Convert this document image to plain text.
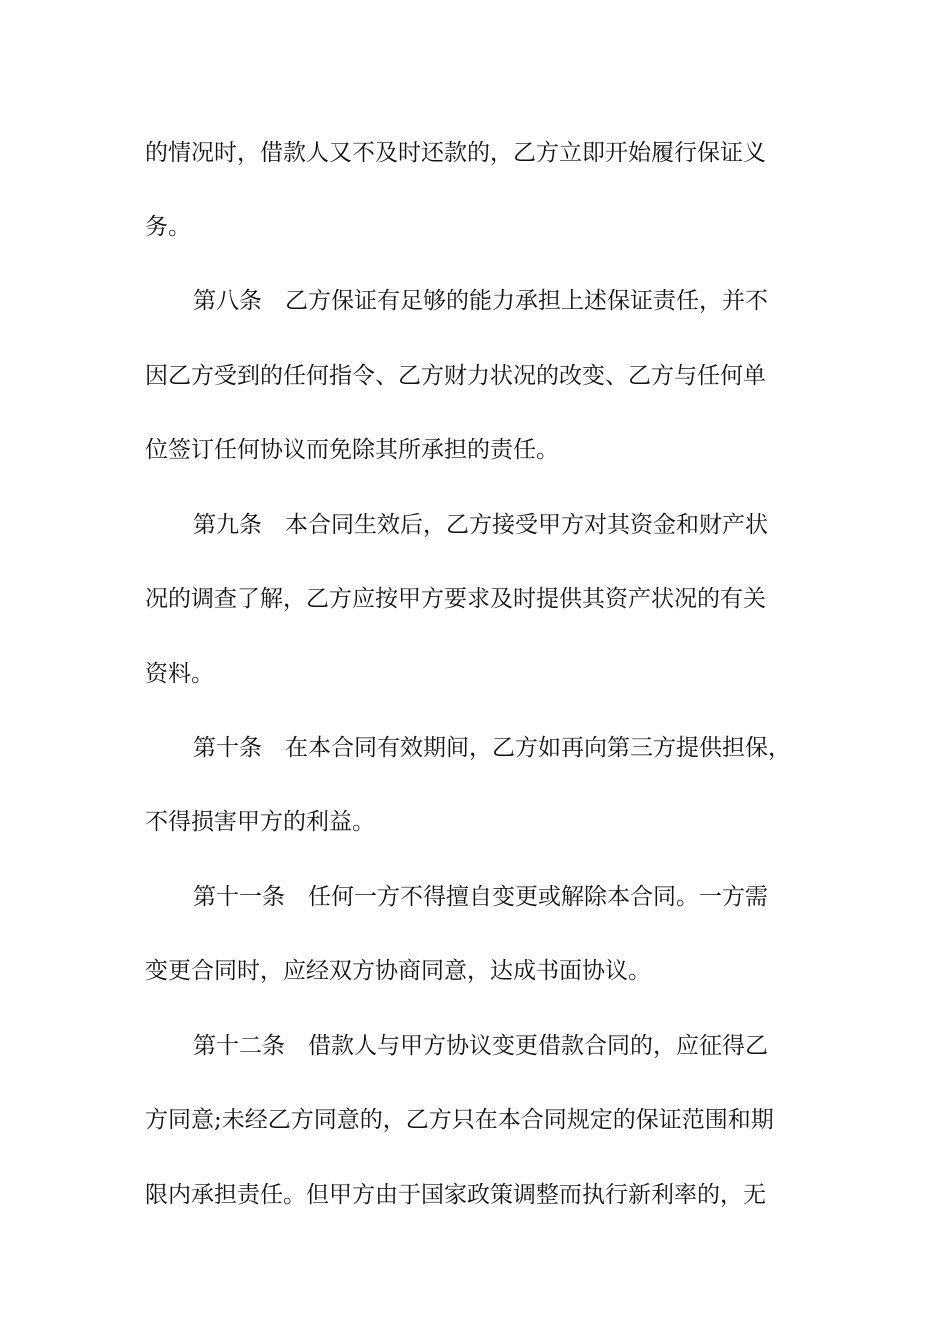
的情况时，借款人又不及时还款的，乙方立即开始履行保证义
务。
第八条　乙方保证有足够的能力承担上述保证责任，并不
因乙方受到的任何指令、乙方财力状况的改变、乙方与任何单
位签订任何协议而免除其所承担的责任。
第九条　本合同生效后，乙方接受甲方对其资金和财产状
况的调查了解，乙方应按甲方要求及时提供其资产状况的有关
资料。
第十条　在本合同有效期间，乙方如再向第三方提供担保，
不得损害甲方的利益。
第十一条　任何一方不得擅自变更或解除本合同。一方需
变更合同时，应经双方协商同意，达成书面协议。
第十二条　借款人与甲方协议变更借款合同的，应征得乙
方同意;未经乙方同意的，乙方只在本合同规定的保证范围和期
限内承担责任。但甲方由于国家政策调整而执行新利率的，无
